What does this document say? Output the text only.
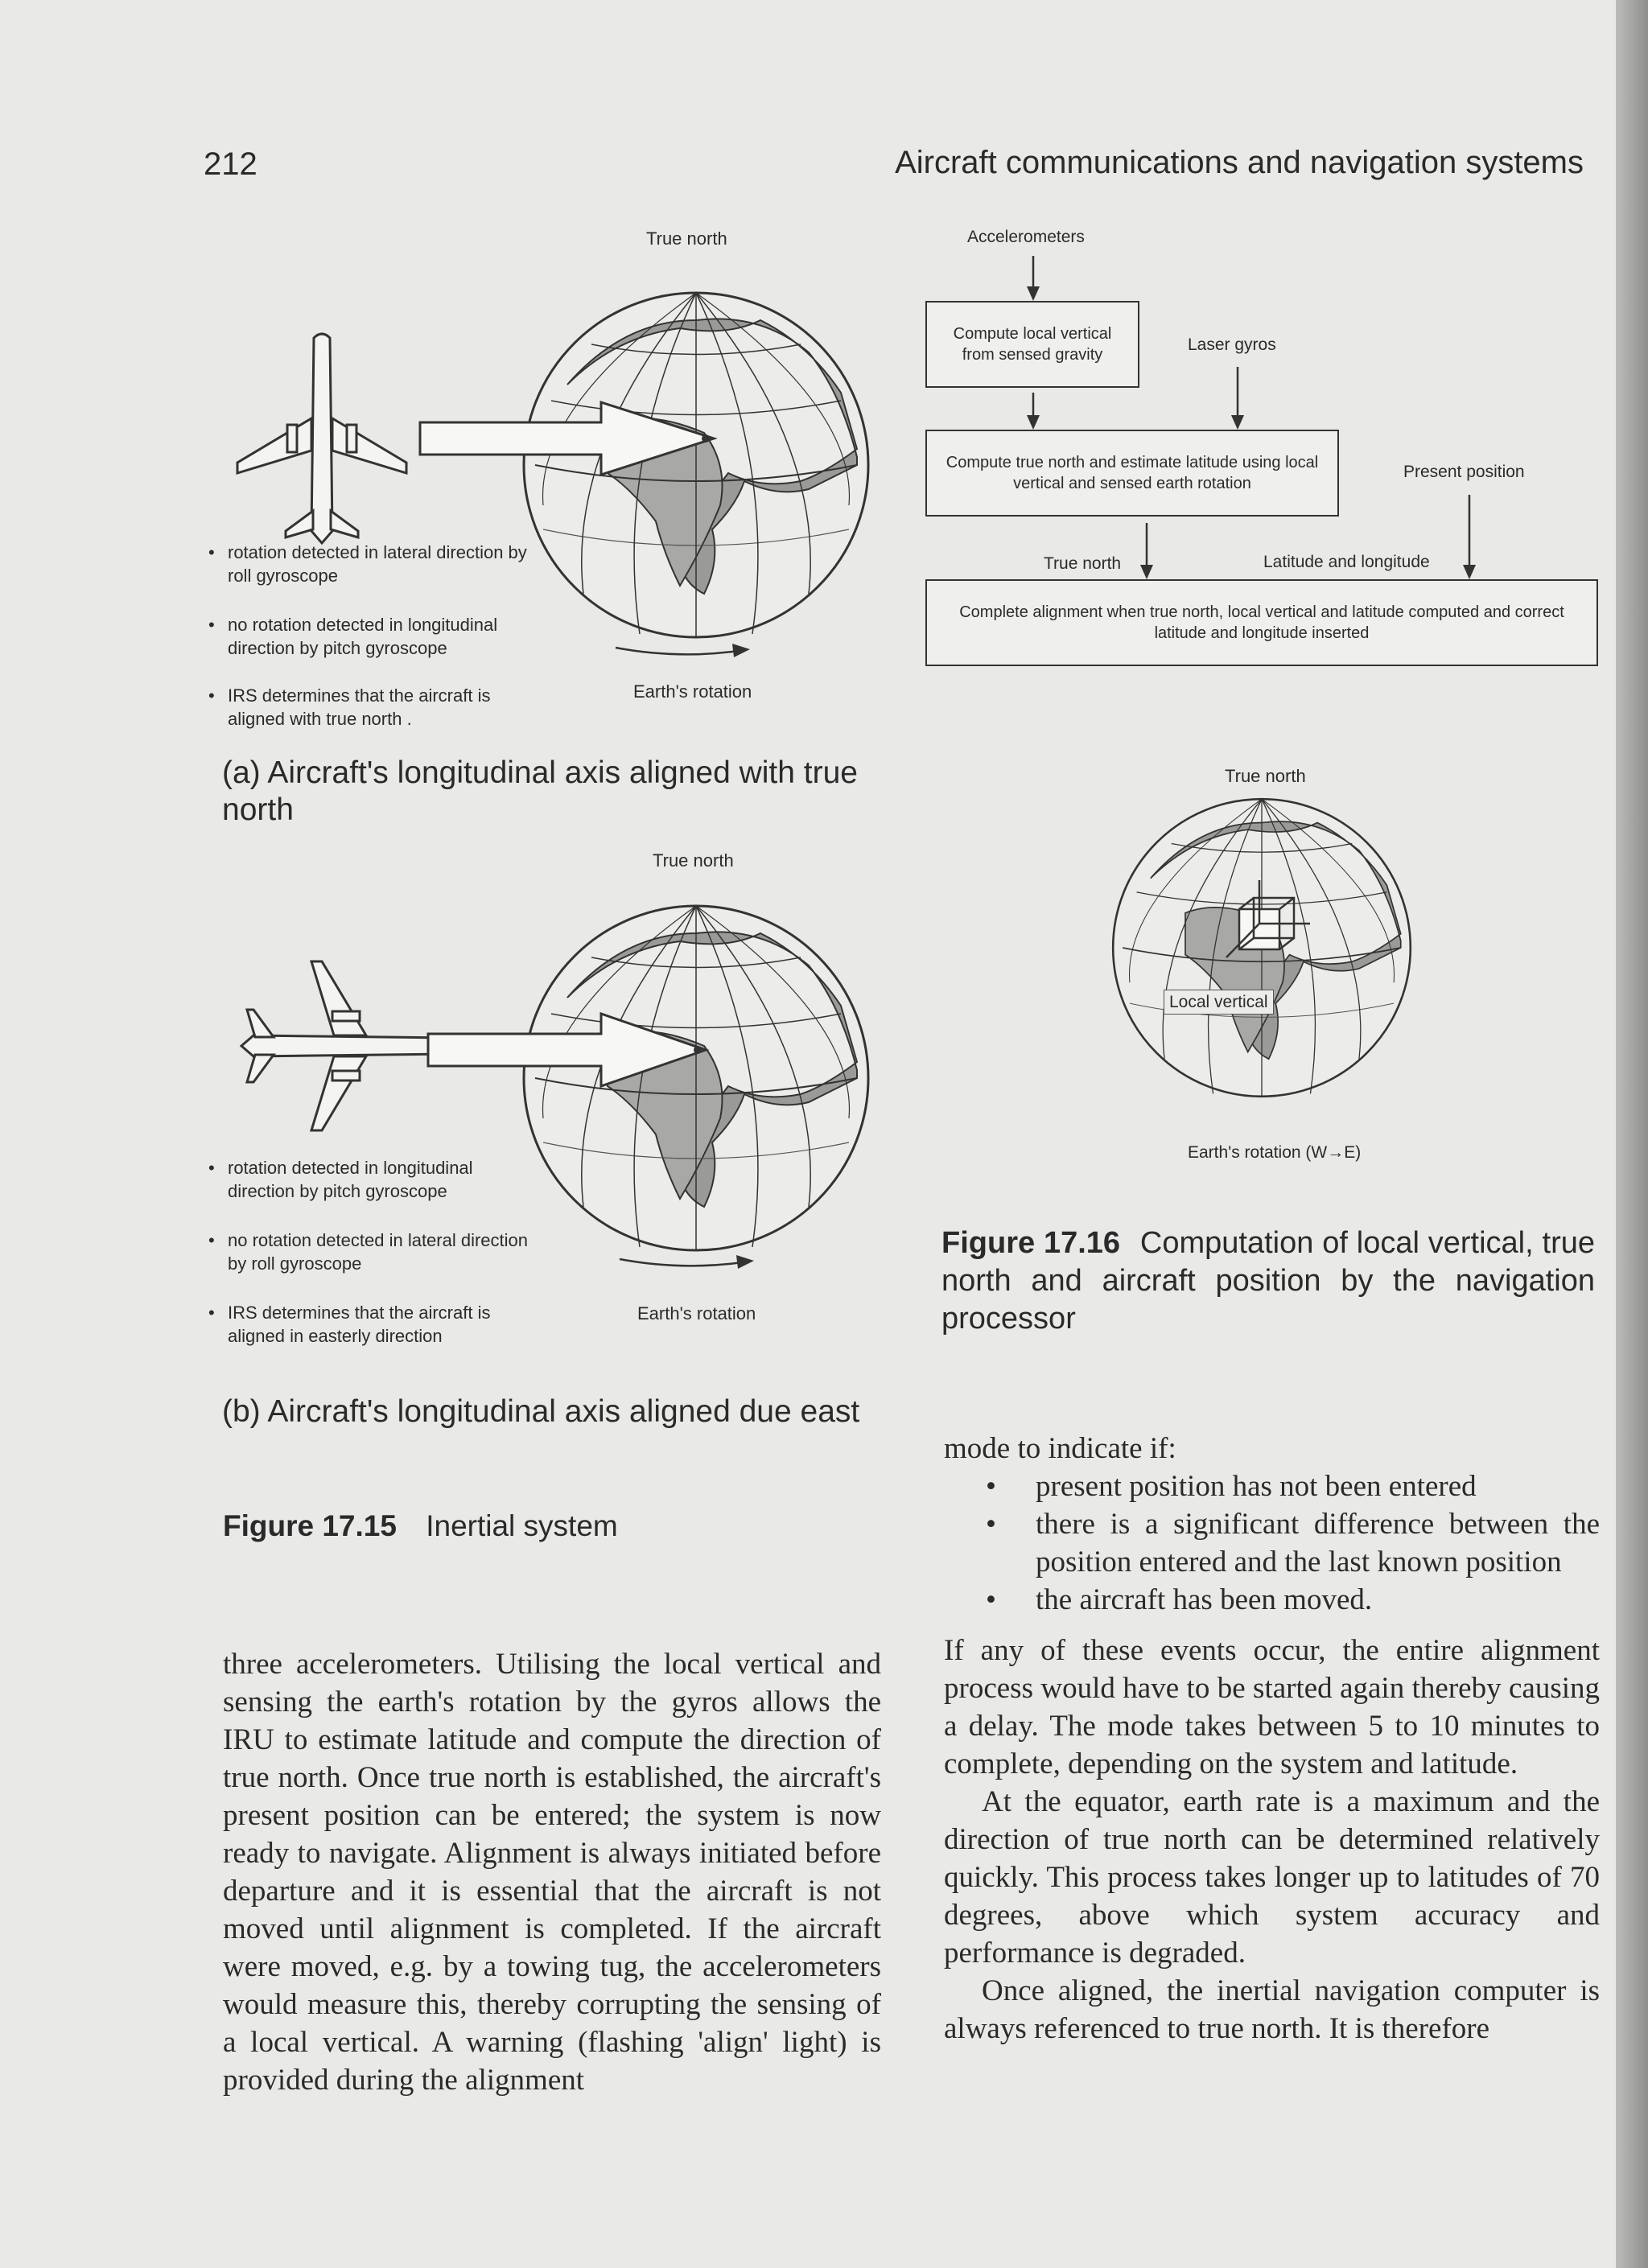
212	Aircraft communications and navigation systems
True north
• rotation detected in lateral direction by roll gyroscope
• no rotation detected in longitudinal direction by pitch gyroscope
• IRS determines that the aircraft is aligned with true north .
Earth's rotation
(a) Aircraft's longitudinal axis aligned with true north
True north
• rotation detected in longitudinal direction by pitch gyroscope
• no rotation detected in lateral direction by roll gyroscope
• IRS determines that the aircraft is aligned in easterly direction
Earth's rotation
(b) Aircraft's longitudinal axis aligned due east
Figure 17.15 Inertial system
Accelerometers
Compute local vertical from sensed gravity
Laser gyros
Compute true north and estimate latitude using local vertical and sensed earth rotation
Present position
True north	Latitude and longitude
Complete alignment when true north, local vertical and latitude computed and correct latitude and longitude inserted
True north
Local vertical
Earth's rotation (W→E)
Figure 17.16 Computation of local vertical, true north and aircraft position by the navigation processor
three accelerometers. Utilising the local vertical and sensing the earth's rotation by the gyros allows the IRU to estimate latitude and compute the direction of true north. Once true north is established, the aircraft's present position can be entered; the system is now ready to navigate. Alignment is always initiated before departure and it is essential that the aircraft is not moved until alignment is completed. If the aircraft were moved, e.g. by a towing tug, the accelerometers would measure this, thereby corrupting the sensing of a local vertical. A warning (flashing 'align' light) is provided during the alignment
mode to indicate if:
• present position has not been entered
• there is a significant difference between the position entered and the last known position
• the aircraft has been moved.
If any of these events occur, the entire alignment process would have to be started again thereby causing a delay. The mode takes between 5 to 10 minutes to complete, depending on the system and latitude.
At the equator, earth rate is a maximum and the direction of true north can be determined relatively quickly. This process takes longer up to latitudes of 70 degrees, above which system accuracy and performance is degraded.
Once aligned, the inertial navigation computer is always referenced to true north. It is therefore
